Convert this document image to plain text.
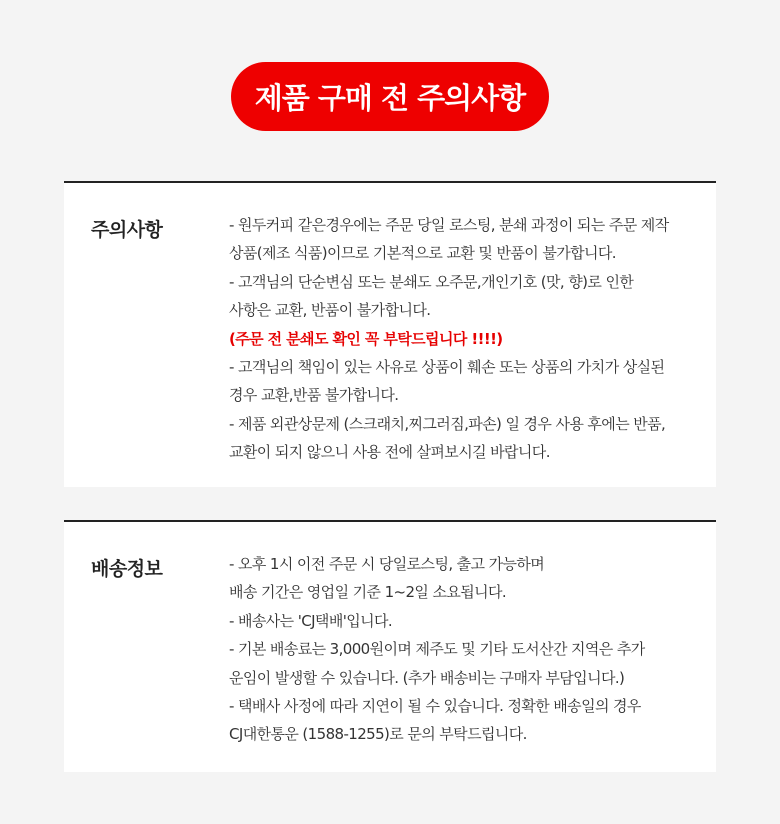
제품 구매 전 주의사항
주의사항	- 원두커피 같은경우에는 주문 당일 로스팅, 분쇄 과정이 되는 주문 제작
상품(제조 식품)이므로 기본적으로 교환 및 반품이 불가합니다.
- 고객님의 단순변심 또는 분쇄도 오주문,개인기호 (맛, 향)로 인한
사항은 교환, 반품이 불가합니다.
(주문 전 분쇄도 확인 꼭 부탁드립니다 !!!!)
- 고객님의 책임이 있는 사유로 상품이 훼손 또는 상품의 가치가 상실된
경우 교환,반품 불가합니다.
- 제품 외관상문제 (스크래치,찌그러짐,파손) 일 경우 사용 후에는 반품,
교환이 되지 않으니 사용 전에 살펴보시길 바랍니다.
배송정보	- 오후 1시 이전 주문 시 당일로스팅, 출고 가능하며
배송 기간은 영업일 기준 1~2일 소요됩니다.
- 배송사는 'CJ택배'입니다.
- 기본 배송료는 3,000원이며 제주도 및 기타 도서산간 지역은 추가
운임이 발생할 수 있습니다. (추가 배송비는 구매자 부담입니다.)
- 택배사 사정에 따라 지연이 될 수 있습니다. 정확한 배송일의 경우
CJ대한통운 (1588-1255)로 문의 부탁드립니다.
